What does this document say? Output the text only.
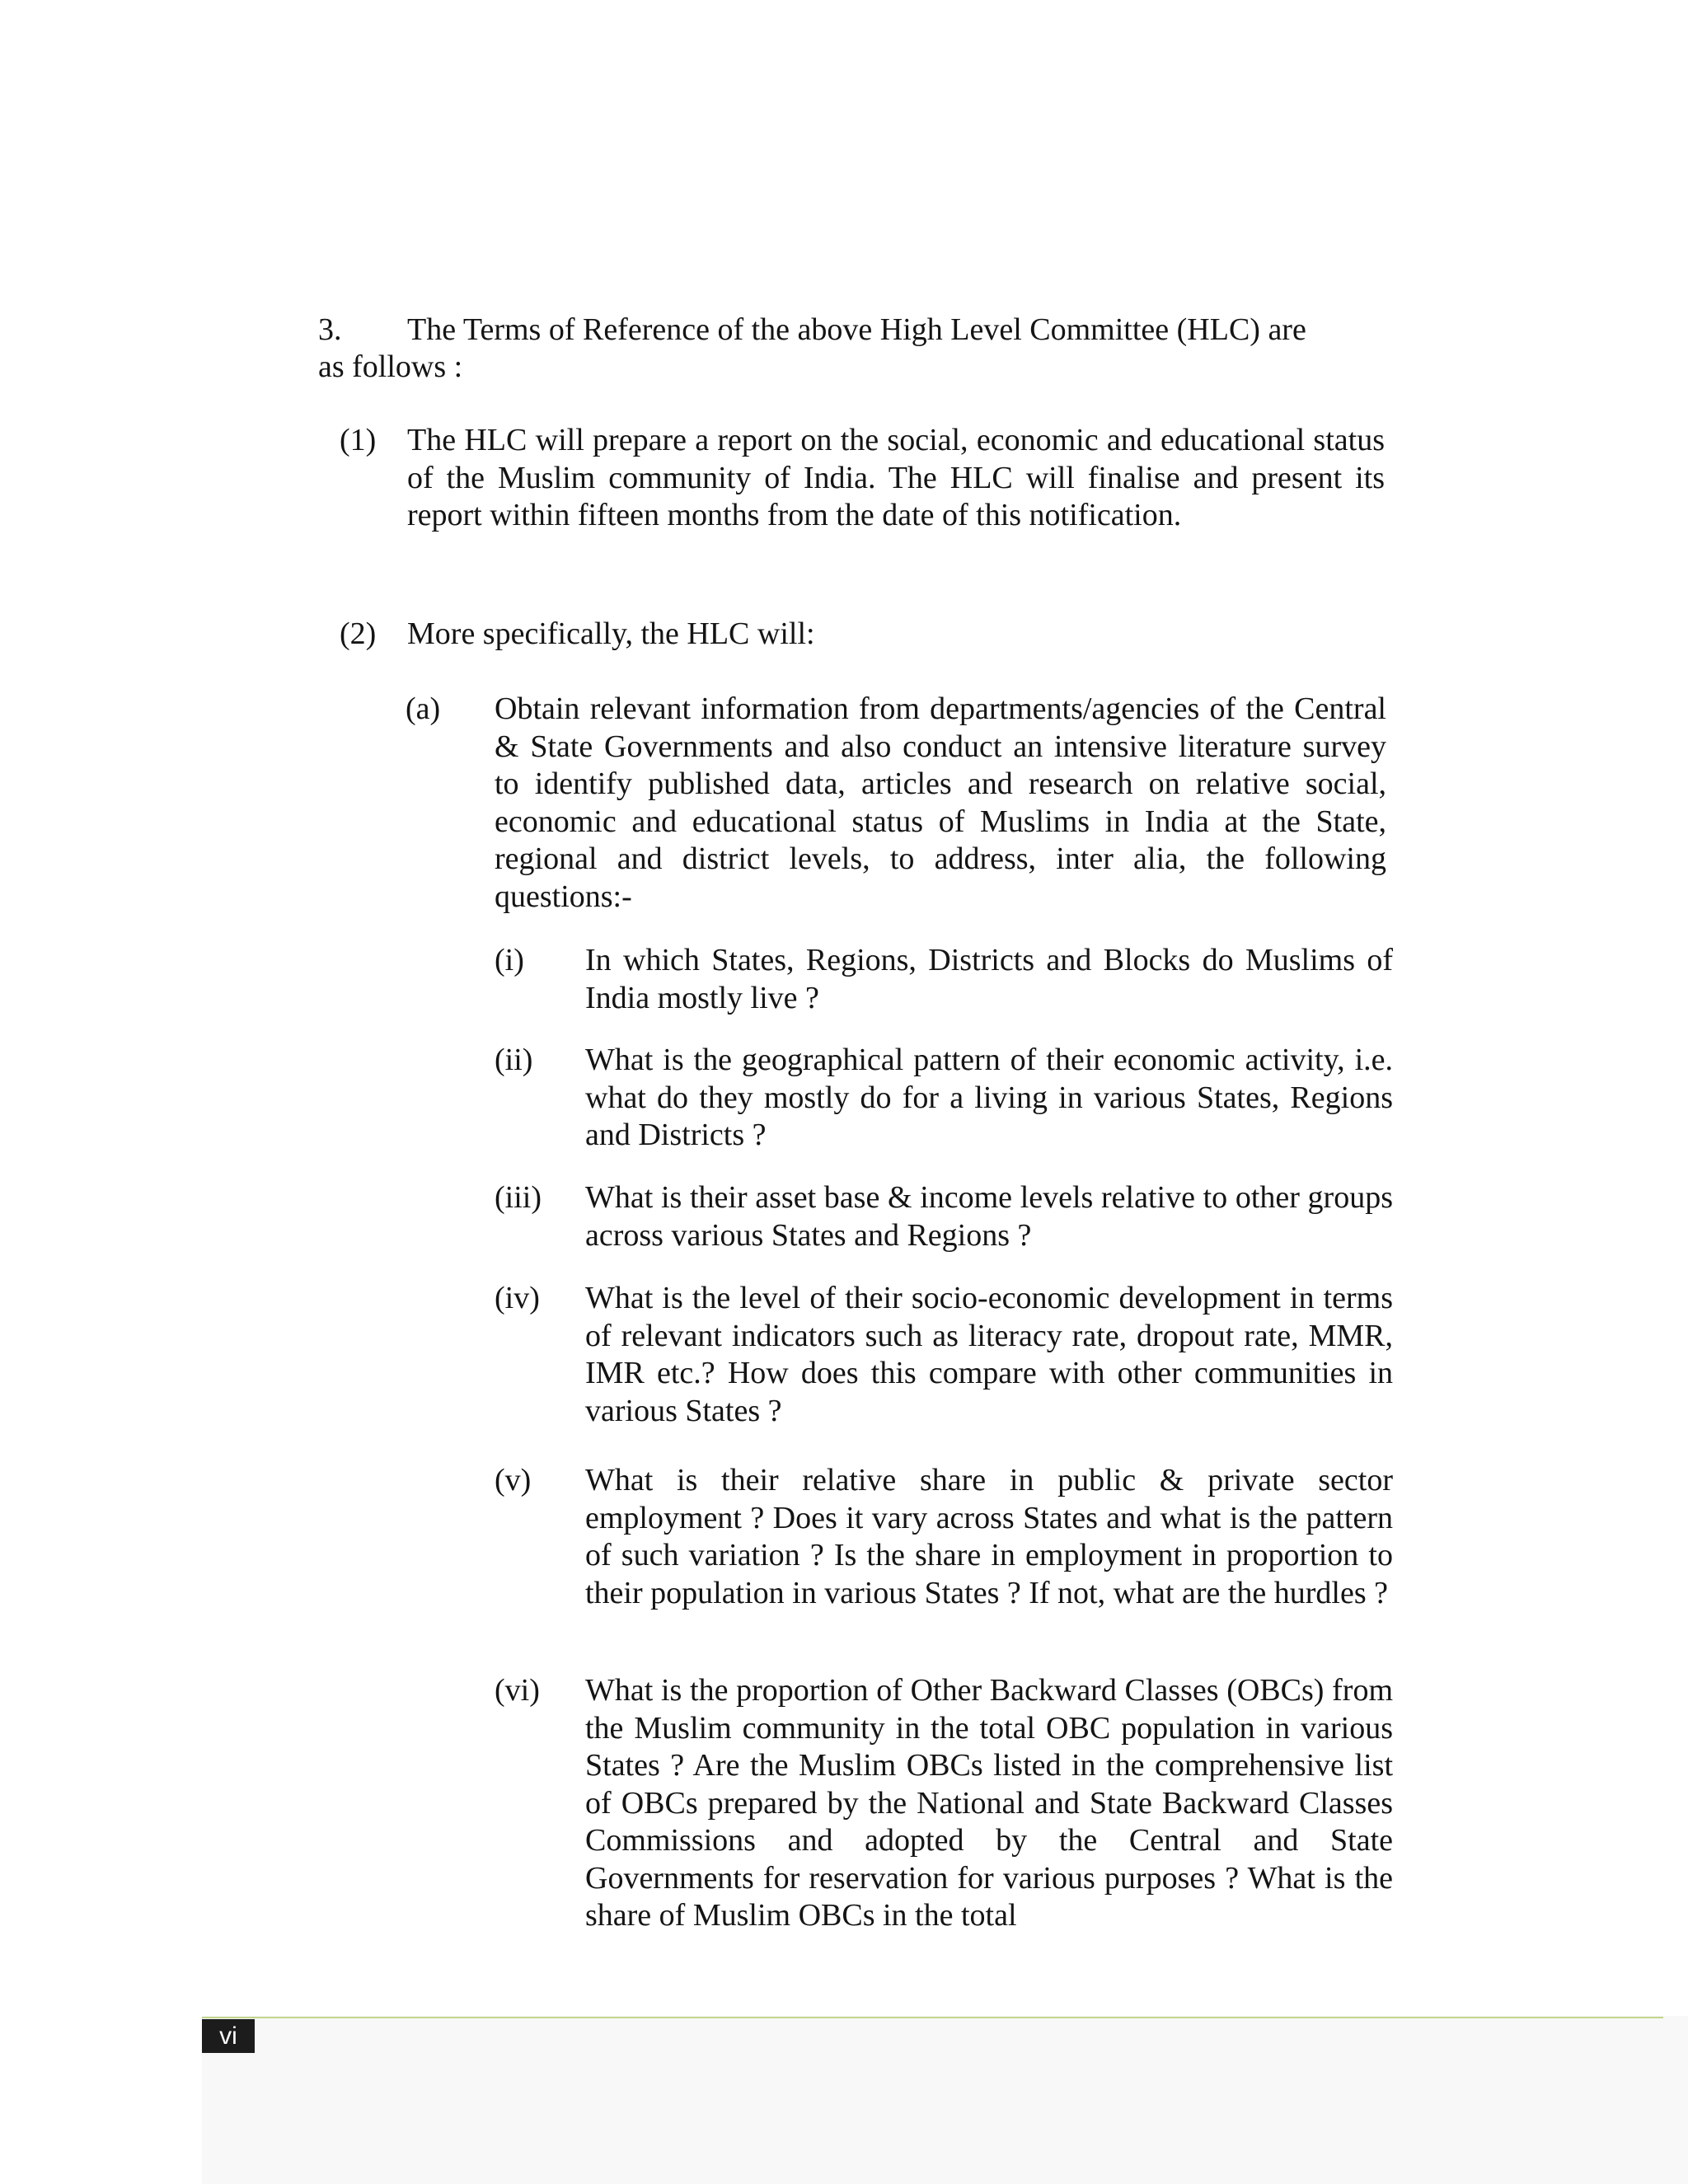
3. The Terms of Reference of the above High Level Committee (HLC) are
as follows :
(1) The HLC will prepare a report on the social, economic and educational status of the Muslim community of India. The HLC will finalise and present its report within fifteen months from the date of this notification.
(2) More specifically, the HLC will:
(a) Obtain relevant information from departments/agencies of the Central & State Governments and also conduct an intensive literature survey to identify published data, articles and research on relative social, economic and educational status of Muslims in India at the State, regional and district levels, to address, inter alia, the following questions:-
(i) In which States, Regions, Districts and Blocks do Muslims of India mostly live ?
(ii) What is the geographical pattern of their economic activity, i.e. what do they mostly do for a living in various States, Regions and Districts ?
(iii) What is their asset base & income levels relative to other groups across various States and Regions ?
(iv) What is the level of their socio-economic development in terms of relevant indicators such as literacy rate, dropout rate, MMR, IMR etc.? How does this compare with other communities in various States ?
(v) What is their relative share in public & private sector employment ? Does it vary across States and what is the pattern of such variation ? Is the share in employment in proportion to their population in various States ? If not, what are the hurdles ?
(vi) What is the proportion of Other Backward Classes (OBCs) from the Muslim community in the total OBC population in various States ? Are the Muslim OBCs listed in the comprehensive list of OBCs prepared by the National and State Backward Classes Commissions and adopted by the Central and State Governments for reservation for various purposes ? What is the share of Muslim OBCs in the total
vi
